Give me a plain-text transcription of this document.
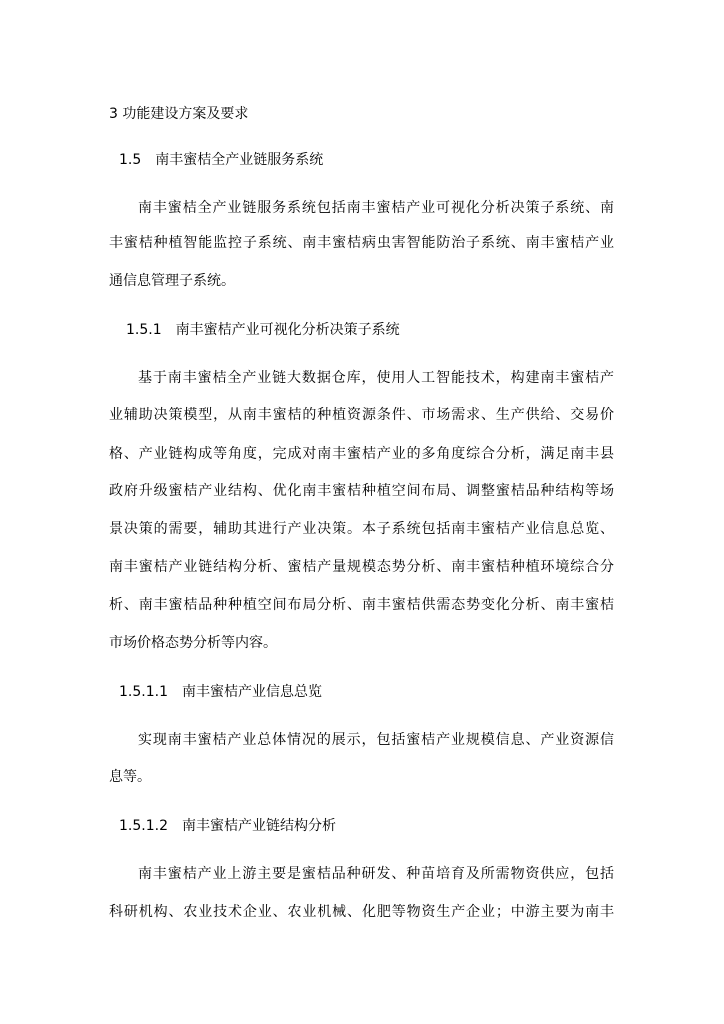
3 功能建设方案及要求
1.5　南丰蜜桔全产业链服务系统
南丰蜜桔全产业链服务系统包括南丰蜜桔产业可视化分析决策子系统、南
丰蜜桔种植智能监控子系统、南丰蜜桔病虫害智能防治子系统、南丰蜜桔产业
通信息管理子系统。
1.5.1　南丰蜜桔产业可视化分析决策子系统
基于南丰蜜桔全产业链大数据仓库，使用人工智能技术，构建南丰蜜桔产
业辅助决策模型，从南丰蜜桔的种植资源条件、市场需求、生产供给、交易价
格、产业链构成等角度，完成对南丰蜜桔产业的多角度综合分析，满足南丰县
政府升级蜜桔产业结构、优化南丰蜜桔种植空间布局、调整蜜桔品种结构等场
景决策的需要，辅助其进行产业决策。本子系统包括南丰蜜桔产业信息总览、
南丰蜜桔产业链结构分析、蜜桔产量规模态势分析、南丰蜜桔种植环境综合分
析、南丰蜜桔品种种植空间布局分析、南丰蜜桔供需态势变化分析、南丰蜜桔
市场价格态势分析等内容。
1.5.1.1　南丰蜜桔产业信息总览
实现南丰蜜桔产业总体情况的展示，包括蜜桔产业规模信息、产业资源信
息等。
1.5.1.2　南丰蜜桔产业链结构分析
南丰蜜桔产业上游主要是蜜桔品种研发、种苗培育及所需物资供应，包括
科研机构、农业技术企业、农业机械、化肥等物资生产企业；中游主要为南丰
